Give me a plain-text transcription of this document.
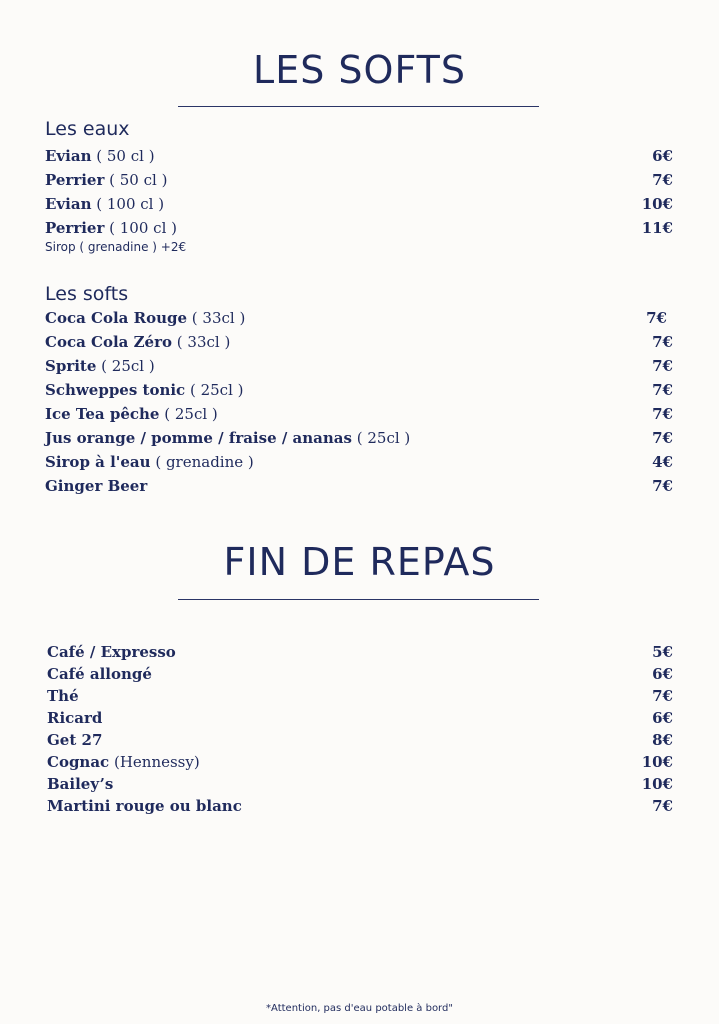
LES SOFTS
Les eaux
Evian ( 50 cl )	6€
Perrier ( 50 cl )	7€
Evian ( 100 cl )	10€
Perrier ( 100 cl )	11€
Sirop ( grenadine ) +2€
Les softs
Coca Cola Rouge ( 33cl )	7€
Coca Cola Zéro ( 33cl )	7€
Sprite ( 25cl )	7€
Schweppes tonic ( 25cl )	7€
Ice Tea pêche ( 25cl )	7€
Jus orange / pomme / fraise / ananas ( 25cl )	7€
Sirop à l'eau ( grenadine )	4€
Ginger Beer	7€
FIN DE REPAS
Café / Expresso	5€
Café allongé	6€
Thé	7€
Ricard	6€
Get 27	8€
Cognac (Hennessy)	10€
Bailey’s	10€
Martini rouge ou blanc	7€
*Attention, pas d'eau potable à bord"
